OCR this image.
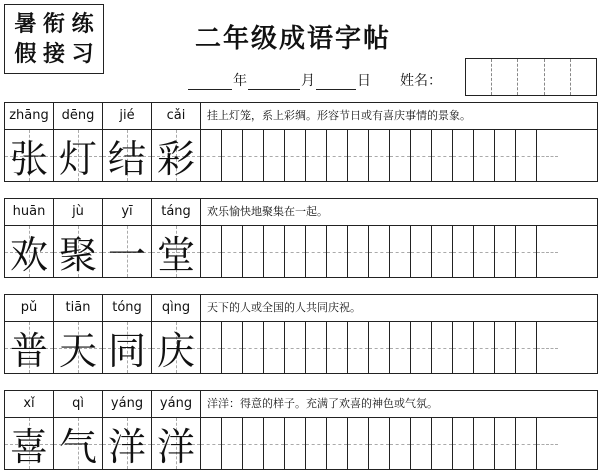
暑 衔 练
假 接 习	二年级成语字帖
年	月	日 姓名：
zhāng dēng	jié	cǎi	挂上灯笼，系上彩绸。形容节日或有喜庆事情的景象。
张 灯 结 彩
huān	jù	yī	táng	欢乐愉快地聚集在一起。
欢 聚 一 堂
pǔ	tiān	tóng	qìng	天下的人或全国的人共同庆祝。
普 天 同 庆
xǐ	qì	yáng	yáng	洋洋：得意的样子。充满了欢喜的神色或气氛。
喜 气 洋 洋
